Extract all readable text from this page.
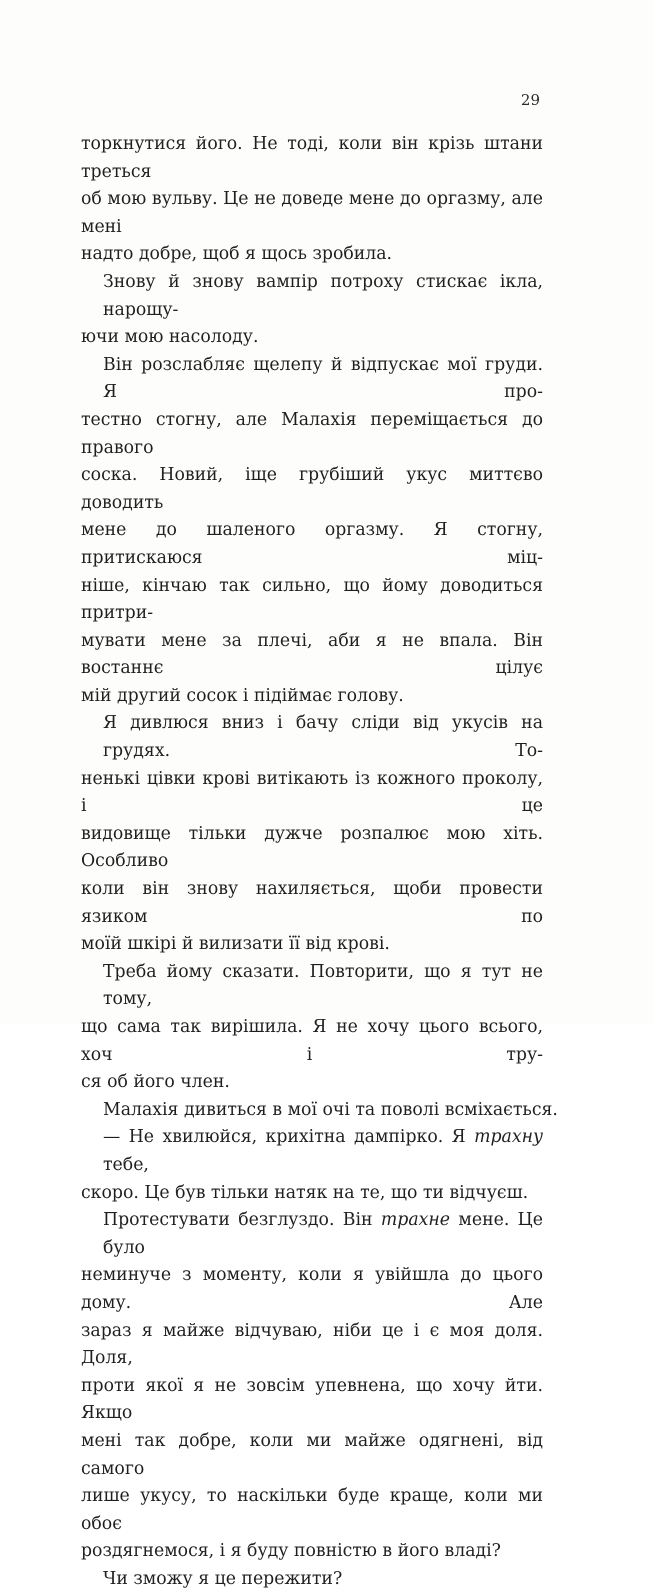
29
торкнутися його. Не тоді, коли він крізь штани треться
об мою вульву. Це не доведе мене до оргазму, але мені
надто добре, щоб я щось зробила.
Знову й знову вампір потроху стискає ікла, нарощу-
ючи мою насолоду.
Він розслабляє щелепу й відпускає мої груди. Я про-
тестно стогну, але Малахія переміщається до правого
соска. Новий, іще грубіший укус миттєво доводить
мене до шаленого оргазму. Я стогну, притискаюся міц-
ніше, кінчаю так сильно, що йому доводиться притри-
мувати мене за плечі, аби я не впала. Він востаннє цілує
мій другий сосок і підіймає голову.
Я дивлюся вниз і бачу сліди від укусів на грудях. То-
ненькі цівки крові витікають із кожного проколу, і це
видовище тільки дужче розпалює мою хіть. Особливо
коли він знову нахиляється, щоби провести язиком по
моїй шкірі й вилизати її від крові.
Треба йому сказати. Повторити, що я тут не тому,
що сама так вирішила. Я не хочу цього всього, хоч і тру-
ся об його член.
Малахія дивиться в мої очі та поволі всміхається.
— Не хвилюйся, крихітна дампірко. Я трахну тебе,
скоро. Це був тільки натяк на те, що ти відчуєш.
Протестувати безглуздо. Він трахне мене. Це було
неминуче з моменту, коли я увійшла до цього дому. Але
зараз я майже відчуваю, ніби це і є моя доля. Доля,
проти якої я не зовсім упевнена, що хочу йти. Якщо
мені так добре, коли ми майже одягнені, від самого
лише укусу, то наскільки буде краще, коли ми обоє
роздягнемося, і я буду повністю в його владі?
Чи зможу я це пережити?
